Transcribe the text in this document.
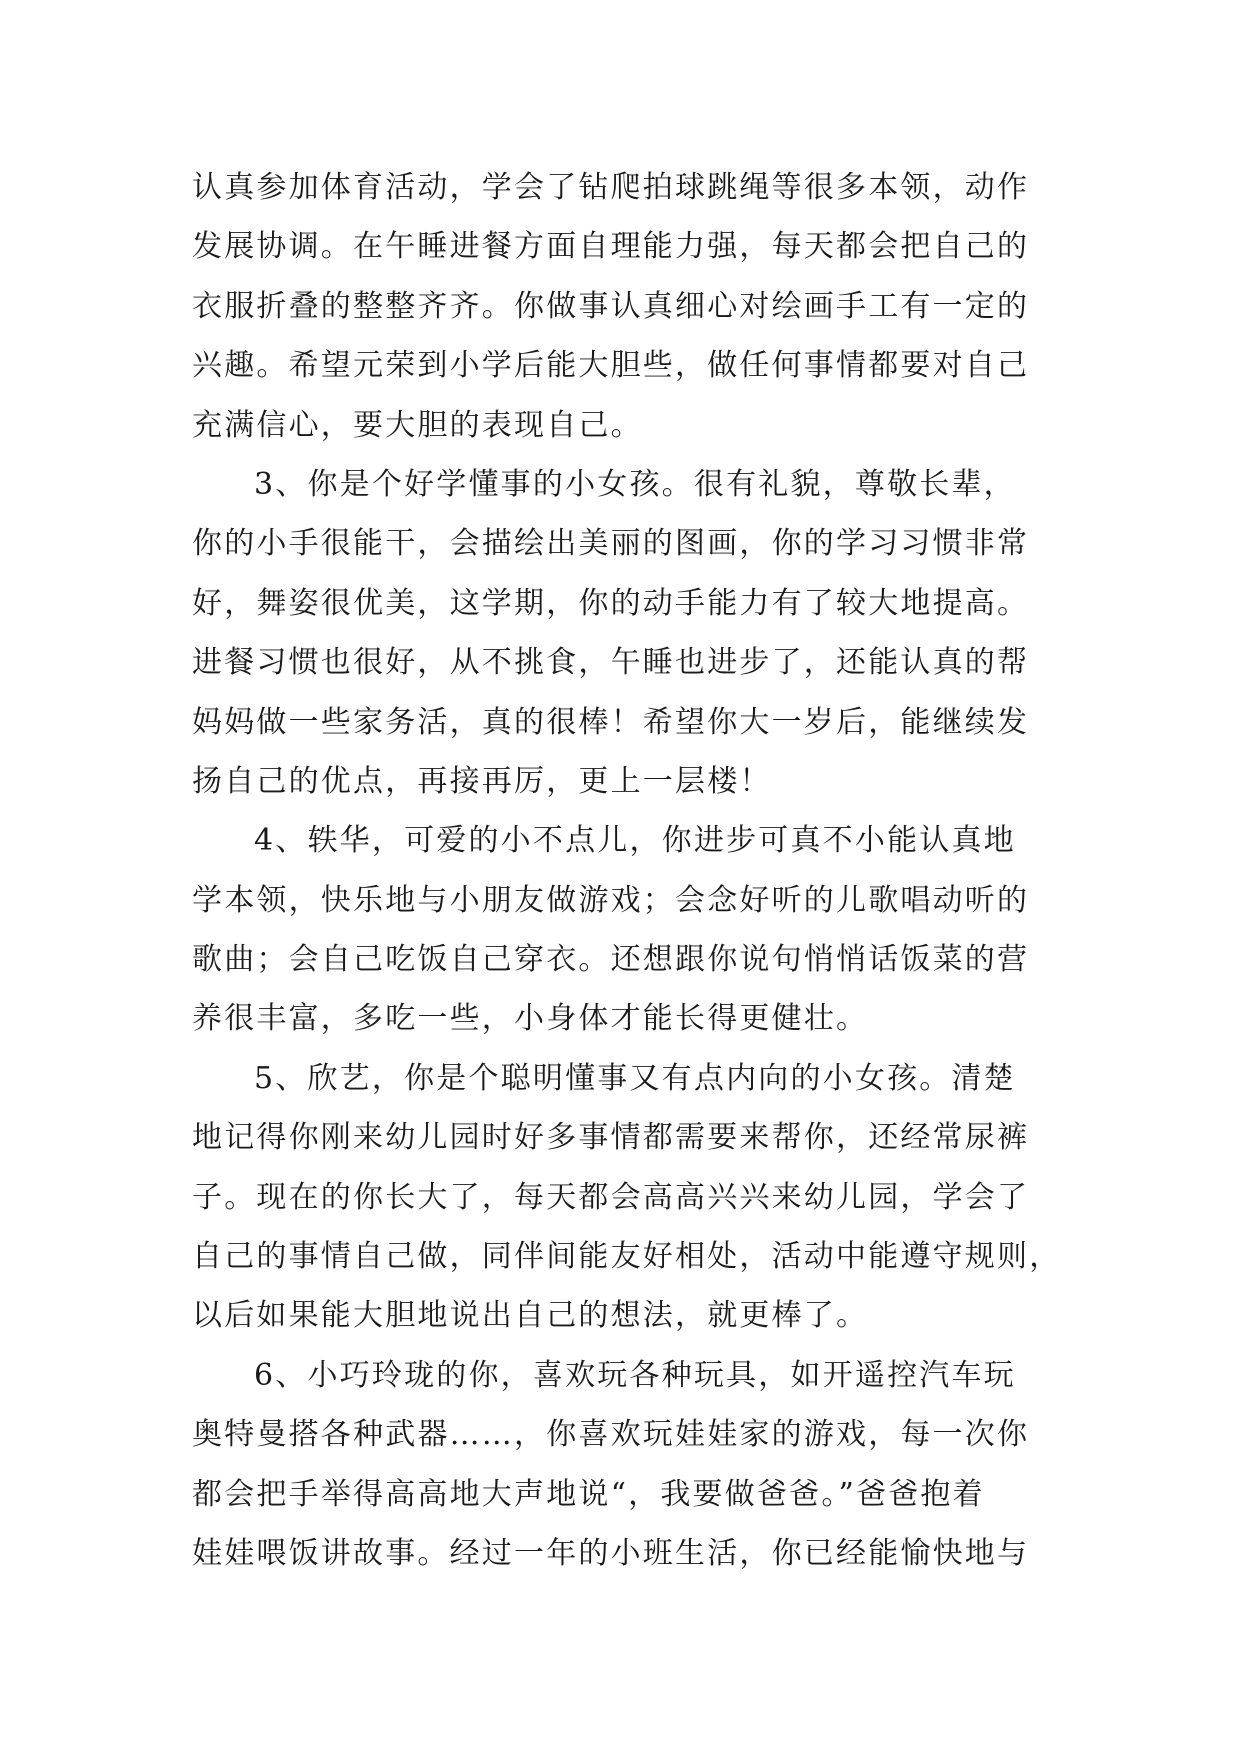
认真参加体育活动，学会了钻爬拍球跳绳等很多本领，动作
发展协调。在午睡进餐方面自理能力强，每天都会把自己的
衣服折叠的整整齐齐。你做事认真细心对绘画手工有一定的
兴趣。希望元荣到小学后能大胆些，做任何事情都要对自己
充满信心，要大胆的表现自己。
3、你是个好学懂事的小女孩。很有礼貌，尊敬长辈，
你的小手很能干，会描绘出美丽的图画，你的学习习惯非常
好，舞姿很优美，这学期，你的动手能力有了较大地提高。
进餐习惯也很好，从不挑食，午睡也进步了，还能认真的帮
妈妈做一些家务活，真的很棒！希望你大一岁后，能继续发
扬自己的优点，再接再厉，更上一层楼！
4、轶华，可爱的小不点儿，你进步可真不小能认真地
学本领，快乐地与小朋友做游戏；会念好听的儿歌唱动听的
歌曲；会自己吃饭自己穿衣。还想跟你说句悄悄话饭菜的营
养很丰富，多吃一些，小身体才能长得更健壮。
5、欣艺，你是个聪明懂事又有点内向的小女孩。清楚
地记得你刚来幼儿园时好多事情都需要来帮你，还经常尿裤
子。现在的你长大了，每天都会高高兴兴来幼儿园，学会了
自己的事情自己做，同伴间能友好相处，活动中能遵守规则，
以后如果能大胆地说出自己的想法，就更棒了。
6、小巧玲珑的你，喜欢玩各种玩具，如开遥控汽车玩
奥特曼搭各种武器……，你喜欢玩娃娃家的游戏，每一次你
都会把手举得高高地大声地说“，我要做爸爸。”爸爸抱着
娃娃喂饭讲故事。经过一年的小班生活，你已经能愉快地与
